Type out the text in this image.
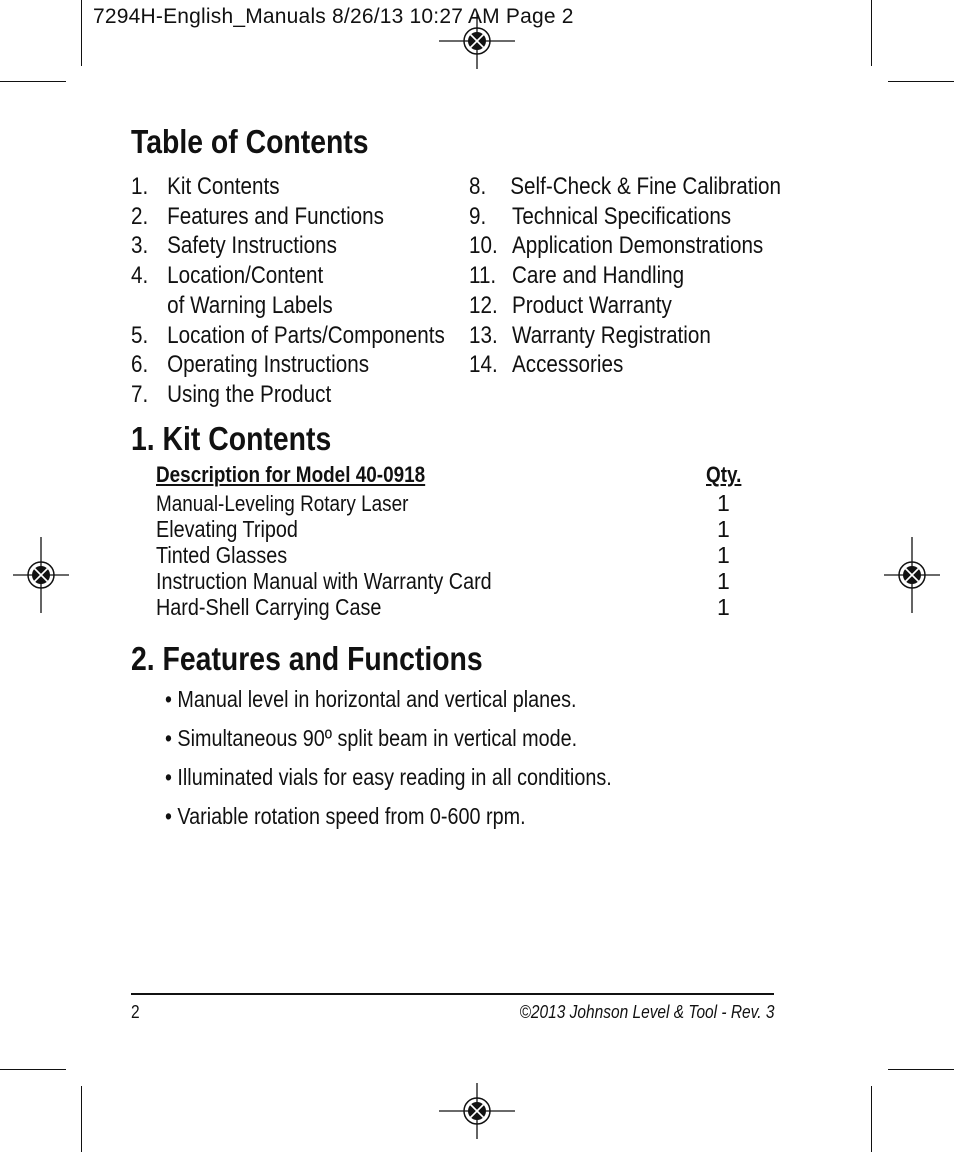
7294H-English_Manuals 8/26/13 10:27 AM Page 2
Table of Contents
1. Kit Contents
2. Features and Functions
3. Safety Instructions
4. Location/Content
of Warning Labels
5. Location of Parts/Components
6. Operating Instructions
7. Using the Product
8. Self-Check & Fine Calibration
9. Technical Specifications
10. Application Demonstrations
11. Care and Handling
12. Product Warranty
13. Warranty Registration
14. Accessories
1. Kit Contents
Description for Model 40-0918	Qty.
Manual-Leveling Rotary Laser	1
Elevating Tripod	1
Tinted Glasses	1
Instruction Manual with Warranty Card	1
Hard-Shell Carrying Case	1
2. Features and Functions
• Manual level in horizontal and vertical planes.
• Simultaneous 90º split beam in vertical mode.
• Illuminated vials for easy reading in all conditions.
• Variable rotation speed from 0-600 rpm.
2	©2013 Johnson Level & Tool - Rev. 3
